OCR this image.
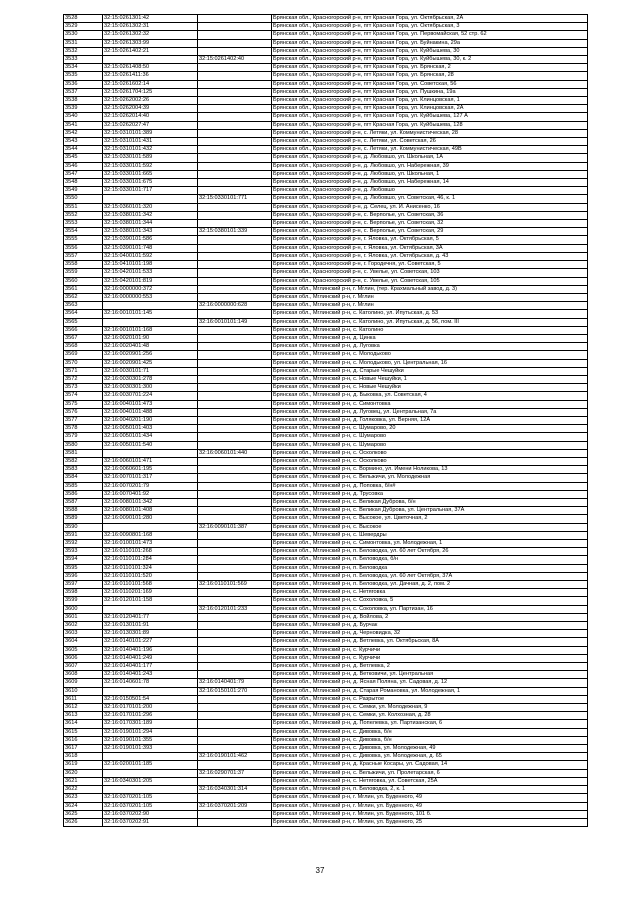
3528	32:15:0261301:42		Брянская обл., Красногорский р-н, пгт Красная Гора, ул. Октябрьская, 2А
3529	32:15:0261302:31		Брянская обл., Красногорский р-н, пгт Красная Гора, ул. Октябрьская, 3
3530	32:15:0261302:32		Брянская обл., Красногорский р-н, пгт Красная Гора, ул. Первомайская, 52 стр. 62
3531	32:15:0261303:99		Брянская обл., Красногорский р-н, пгт Красная Гора, ул. Буйнакина, 29а
3532	32:15:0261402:21		Брянская обл., Красногорский р-н, пгт Красная Гора, ул. Куйбышева, 30
3533		32:15:0261402:40	Брянская обл., Красногорский р-н, пгт Красная Гора, ул. Куйбышева, 30, к. 2
3534	32:15:0261408:50		Брянская обл., Красногорский р-н, пгт Красная Гора, ул. Брянская, 2
3535	32:15:0261411:36		Брянская обл., Красногорский р-н, пгт Красная Гора, ул. Брянская, 28
3536	32:15:0261602:14		Брянская обл., Красногорский р-н, пгт Красная Гора, ул. Советская, 56
3537	32:15:0261704:125		Брянская обл., Красногорский р-н, пгт Красная Гора, ул. Пушкина, 19а
3538	32:15:0262002:26		Брянская обл., Красногорский р-н, пгт Красная Гора, ул. Клинцовская, 1
3539	32:15:0262004:39		Брянская обл., Красногорский р-н, пгт Красная Гора, ул. Клинцовская, 2А
3540	32:15:0262014:40		Брянская обл., Красногорский р-н, пгт Красная Гора, ул. Куйбышева, 127 А
3541	32:15:0262027:47		Брянская обл., Красногорский р-н, пгт Красная Гора, ул. Куйбышева, 128
3542	32:15:0310101:389		Брянская обл., Красногорский р-н, с. Летяки, ул. Коммунистическая, 28
3543	32:15:0310101:431		Брянская обл., Красногорский р-н, с. Летяки, ул. Советская, 26
3544	32:15:0310101:432		Брянская обл., Красногорский р-н, с. Летяки, ул. Коммунистическая, 49В
3545	32:15:0330101:589		Брянская обл., Красногорский р-н, д. Любовшо, ул. Школьная, 1А
3546	32:15:0330101:592		Брянская обл., Красногорский р-н, д. Любовшо, ул. Набережная, 39
3547	32:15:0330101:665		Брянская обл., Красногорский р-н, д. Любовшо, ул. Школьная, 1
3548	32:15:0330101:675		Брянская обл., Красногорский р-н, д. Любовшо, ул. Набережная, 14
3549	32:15:0330101:717		Брянская обл., Красногорский р-н, д. Любовшо
3550		32:15:0330101:771	Брянская обл., Красногорский р-н, д. Любовшо, ул. Советская, 46, к. 1
3551	32:15:0360101:320		Брянская обл., Красногорский р-н, д. Селец, ул. И. Анисенко, 16
3552	32:15:0380101:342		Брянская обл., Красногорский р-н, с. Верполье, ул. Советская, 36
3553	32:15:0380101:344		Брянская обл., Красногорский р-н, с. Верполье, ул. Советская, 32
3554	32:15:0380101:343	32:15:0380101:339	Брянская обл., Красногорский р-н, с. Верполье, ул. Советская, 29
3555	32:15:0390101:586		Брянская обл., Красногорский р-н, г. Яловка, ул. Октябрьская, 5
3556	32:15:0390101:748		Брянская обл., Красногорский р-н, г. Яловка, ул. Октябрьская, 3А
3557	32:15:0400101:592		Брянская обл., Красногорский р-н, г. Яловка, ул. Октябрьская, д. 43
3558	32:15:0410101:198		Брянская обл., Красногорский р-н, г. Городечня, ул. Советская, 5
3559	32:15:0420101:533		Брянская обл., Красногорский р-н, с. Увелье, ул. Советская, 103
3560	32:15:0420101:819		Брянская обл., Красногорский р-н, с. Увелье, ул. Советская, 105
3561	32:16:0000000:372		Брянская обл., Мглинский р-н, г. Мглин, (тер. Крахмальный завод, д. 3)
3562	32:16:0000000:553		Брянская обл., Мглинский р-н, г. Мглин
3563		32:16:0000000:628	Брянская обл., Мглинский р-н, г. Мглин
3564	32:16:0010101:145		Брянская обл., Мглинский р-н, с. Католино, ул. Ипутьская, д. 53
3565		32:16:0010101:149	Брянская обл., Мглинский р-н, с. Католино, ул. Ипутьская, д. 56, пом. III
3566	32:16:0010101:168		Брянская обл., Мглинский р-н, с. Католино
3567	32:16:0020101:90		Брянская обл., Мглинский р-н, д. Цинка
3568	32:16:0020401:48		Брянская обл., Мглинский р-н, д. Луговка
3569	32:16:0020901:256		Брянская обл., Мглинский р-н, с. Молодьково
3570	32:16:0020901:425		Брянская обл., Мглинский р-н, с. Молодьково, ул. Центральная, 16
3571	32:16:0030101:71		Брянская обл., Мглинский р-н, д. Старые Чешуйки
3572	32:16:0030301:278		Брянская обл., Мглинский р-н, с. Новые Чешуйки, 1
3573	32:16:0030301:300		Брянская обл., Мглинский р-н, с. Новые Чешуйки
3574	32:16:0030701:224		Брянская обл., Мглинский р-н, д. Быковка, ул. Советская, 4
3575	32:16:0040101:473		Брянская обл., Мглинский р-н, с. Симонтовка
3576	32:16:0040101:488		Брянская обл., Мглинский р-н, д. Луговец, ул. Центральная, 7а
3577	32:16:0040201:190		Брянская обл., Мглинский р-н, д. Голяковка, ул. Верняя, 12А
3578	32:16:0050101:403		Брянская обл., Мглинский р-н, с. Шумарово, 20
3579	32:16:0050101:434		Брянская обл., Мглинский р-н, с. Шумарово
3580	32:16:0050101:540		Брянская обл., Мглинский р-н, с. Шумарово
3581		32:16:0060101:440	Брянская обл., Мглинский р-н, с. Осколково
3582	32:16:0060101:471		Брянская обл., Мглинский р-н, с. Осколково
3583	32:16:0060601:195		Брянская обл., Мглинский р-н, с. Вормино, ул. Имени Ноликова, 13
3584	32:16:0070101:317		Брянская обл., Мглинский р-н, с. Вельжичи, ул. Молодежная
3585	32:16:0070201:79		Брянская обл., Мглинский р-н, д. Поповка, б/н#
3586	32:16:0070401:92		Брянская обл., Мглинский р-н, д. Трусовка
3587	32:16:0080101:342		Брянская обл., Мглинский р-н, с. Великая Дуброва, б/н
3588	32:16:0080101:408		Брянская обл., Мглинский р-н, с. Великая Дуброва, ул. Центральная, 37А
3589	32:16:0090101:280		Брянская обл., Мглинский р-н, с. Высокое, ул. Цветочная, 2
3590		32:16:0090101:387	Брянская обл., Мглинский р-н, с. Высокое
3591	32:16:0090801:168		Брянская обл., Мглинский р-н, с. Шевердры
3592	32:16:0100101:473		Брянская обл., Мглинский р-н, с. Симонтовка, ул. Молодежная, 1
3593	32:16:0110101:268		Брянская обл., Мглинский р-н, п. Беловодка, ул. 60 лет Октября, 26
3594	32:16:0110101:284		Брянская обл., Мглинский р-н, п. Беловодка, б/н
3595	32:16:0110101:324		Брянская обл., Мглинский р-н, п. Беловодка
3596	32:16:0110101:520		Брянская обл., Мглинский р-н, п. Беловодка, ул. 60 лет Октября, 37А
3597	32:16:0110101:568	32:16:0110101:569	Брянская обл., Мглинский р-н, п. Беловодка, ул. Дачная, д. 2, пом. 2
3598	32:16:0110201:169		Брянская обл., Мглинский р-н, с. Нетяговка
3599	32:16:0120101:158		Брянская обл., Мглинский р-н, с. Сохоловка, 5
3600		32:16:0120101:233	Брянская обл., Мглинский р-н, с. Соколовка, ул. Партизан, 16
3601	32:16:0120401:77		Брянская обл., Мглинский р-н, д. Войлова, 2
3602	32:16:0130101:91		Брянская обл., Мглинский р-н, д. Бурчак
3603	32:16:0130301:89		Брянская обл., Мглинский р-н, д. Черновидка, 32
3604	32:16:0140101:227		Брянская обл., Мглинский р-н, д. Ветлевка, ул. Октябрьская, 8А
3605	32:16:0140401:196		Брянская обл., Мглинский р-н, с. Курчичи
3606	32:16:0140401:249		Брянская обл., Мглинский р-н, с. Курчичи
3607	32:16:0140401:177		Брянская обл., Мглинский р-н, д. Ветлевка, 2
3608	32:16:0140401:243		Брянская обл., Мглинский р-н, д. Ветковичи, ул. Центральная
3609	32:16:0140601:78	32:16:0140401:79	Брянская обл., Мглинский р-н, д. Ясная Поляна, ул. Садовая, д. 12
3610		32:16:0150101:270	Брянская обл., Мглинский р-н, д. Старая Романовка, ул. Молодежная, 1
3611	32:16:0150501:54		Брянская обл., Мглинский р-н, с. Разрытое
3612	32:16:0170101:200		Брянская обл., Мглинский р-н, с. Семки, ул. Молодежная, 9
3613	32:16:0170101:296		Брянская обл., Мглинский р-н, с. Семки, ул. Колхозная, д. 28
3614	32:16:0170301:189		Брянская обл., Мглинский р-н, д. Попелевка, ул. Партизанская, 6
3615	32:16:0190101:294		Брянская обл., Мглинский р-н, с. Дивовка, б/н
3616	32:16:0190101:355		Брянская обл., Мглинский р-н, с. Дивовка, б/н
3617	32:16:0190101:393		Брянская обл., Мглинский р-н, с. Дивовка, ул. Молодежная, 49
3618		32:16:0190101:462	Брянская обл., Мглинский р-н, с. Дивовка, ул. Молодежная, д. 65
3619	32:16:0200101:185		Брянская обл., Мглинский р-н, д. Красные Косары, ул. Садовая, 14
3620		32:16:0290701:37	Брянская обл., Мглинский р-н, с. Вельжичи, ул. Пролетарская, 6
3621	32:16:0340301:205		Брянская обл., Мглинский р-н, с. Нетяговка, ул. Советская, 25А
3622		32:16:0340301:314	Брянская обл., Мглинский р-н, п. Беловодка, 2, к. 1
3623	32:16:0370201:105		Брянская обл., Мглинский р-н, г. Мглин, ул. Буденного, 49
3624	32:16:0370201:105	32:16:0370201:209	Брянская обл., Мглинский р-н, г. Мглин, ул. Буденного, 49
3625	32:16:0370202:90		Брянская обл., Мглинский р-н, г. Мглин, ул. Буденного, 101 б.
3626	32:16:0370202:91		Брянская обл., Мглинский р-н, г. Мглин, ул. Буденного, 25
37
